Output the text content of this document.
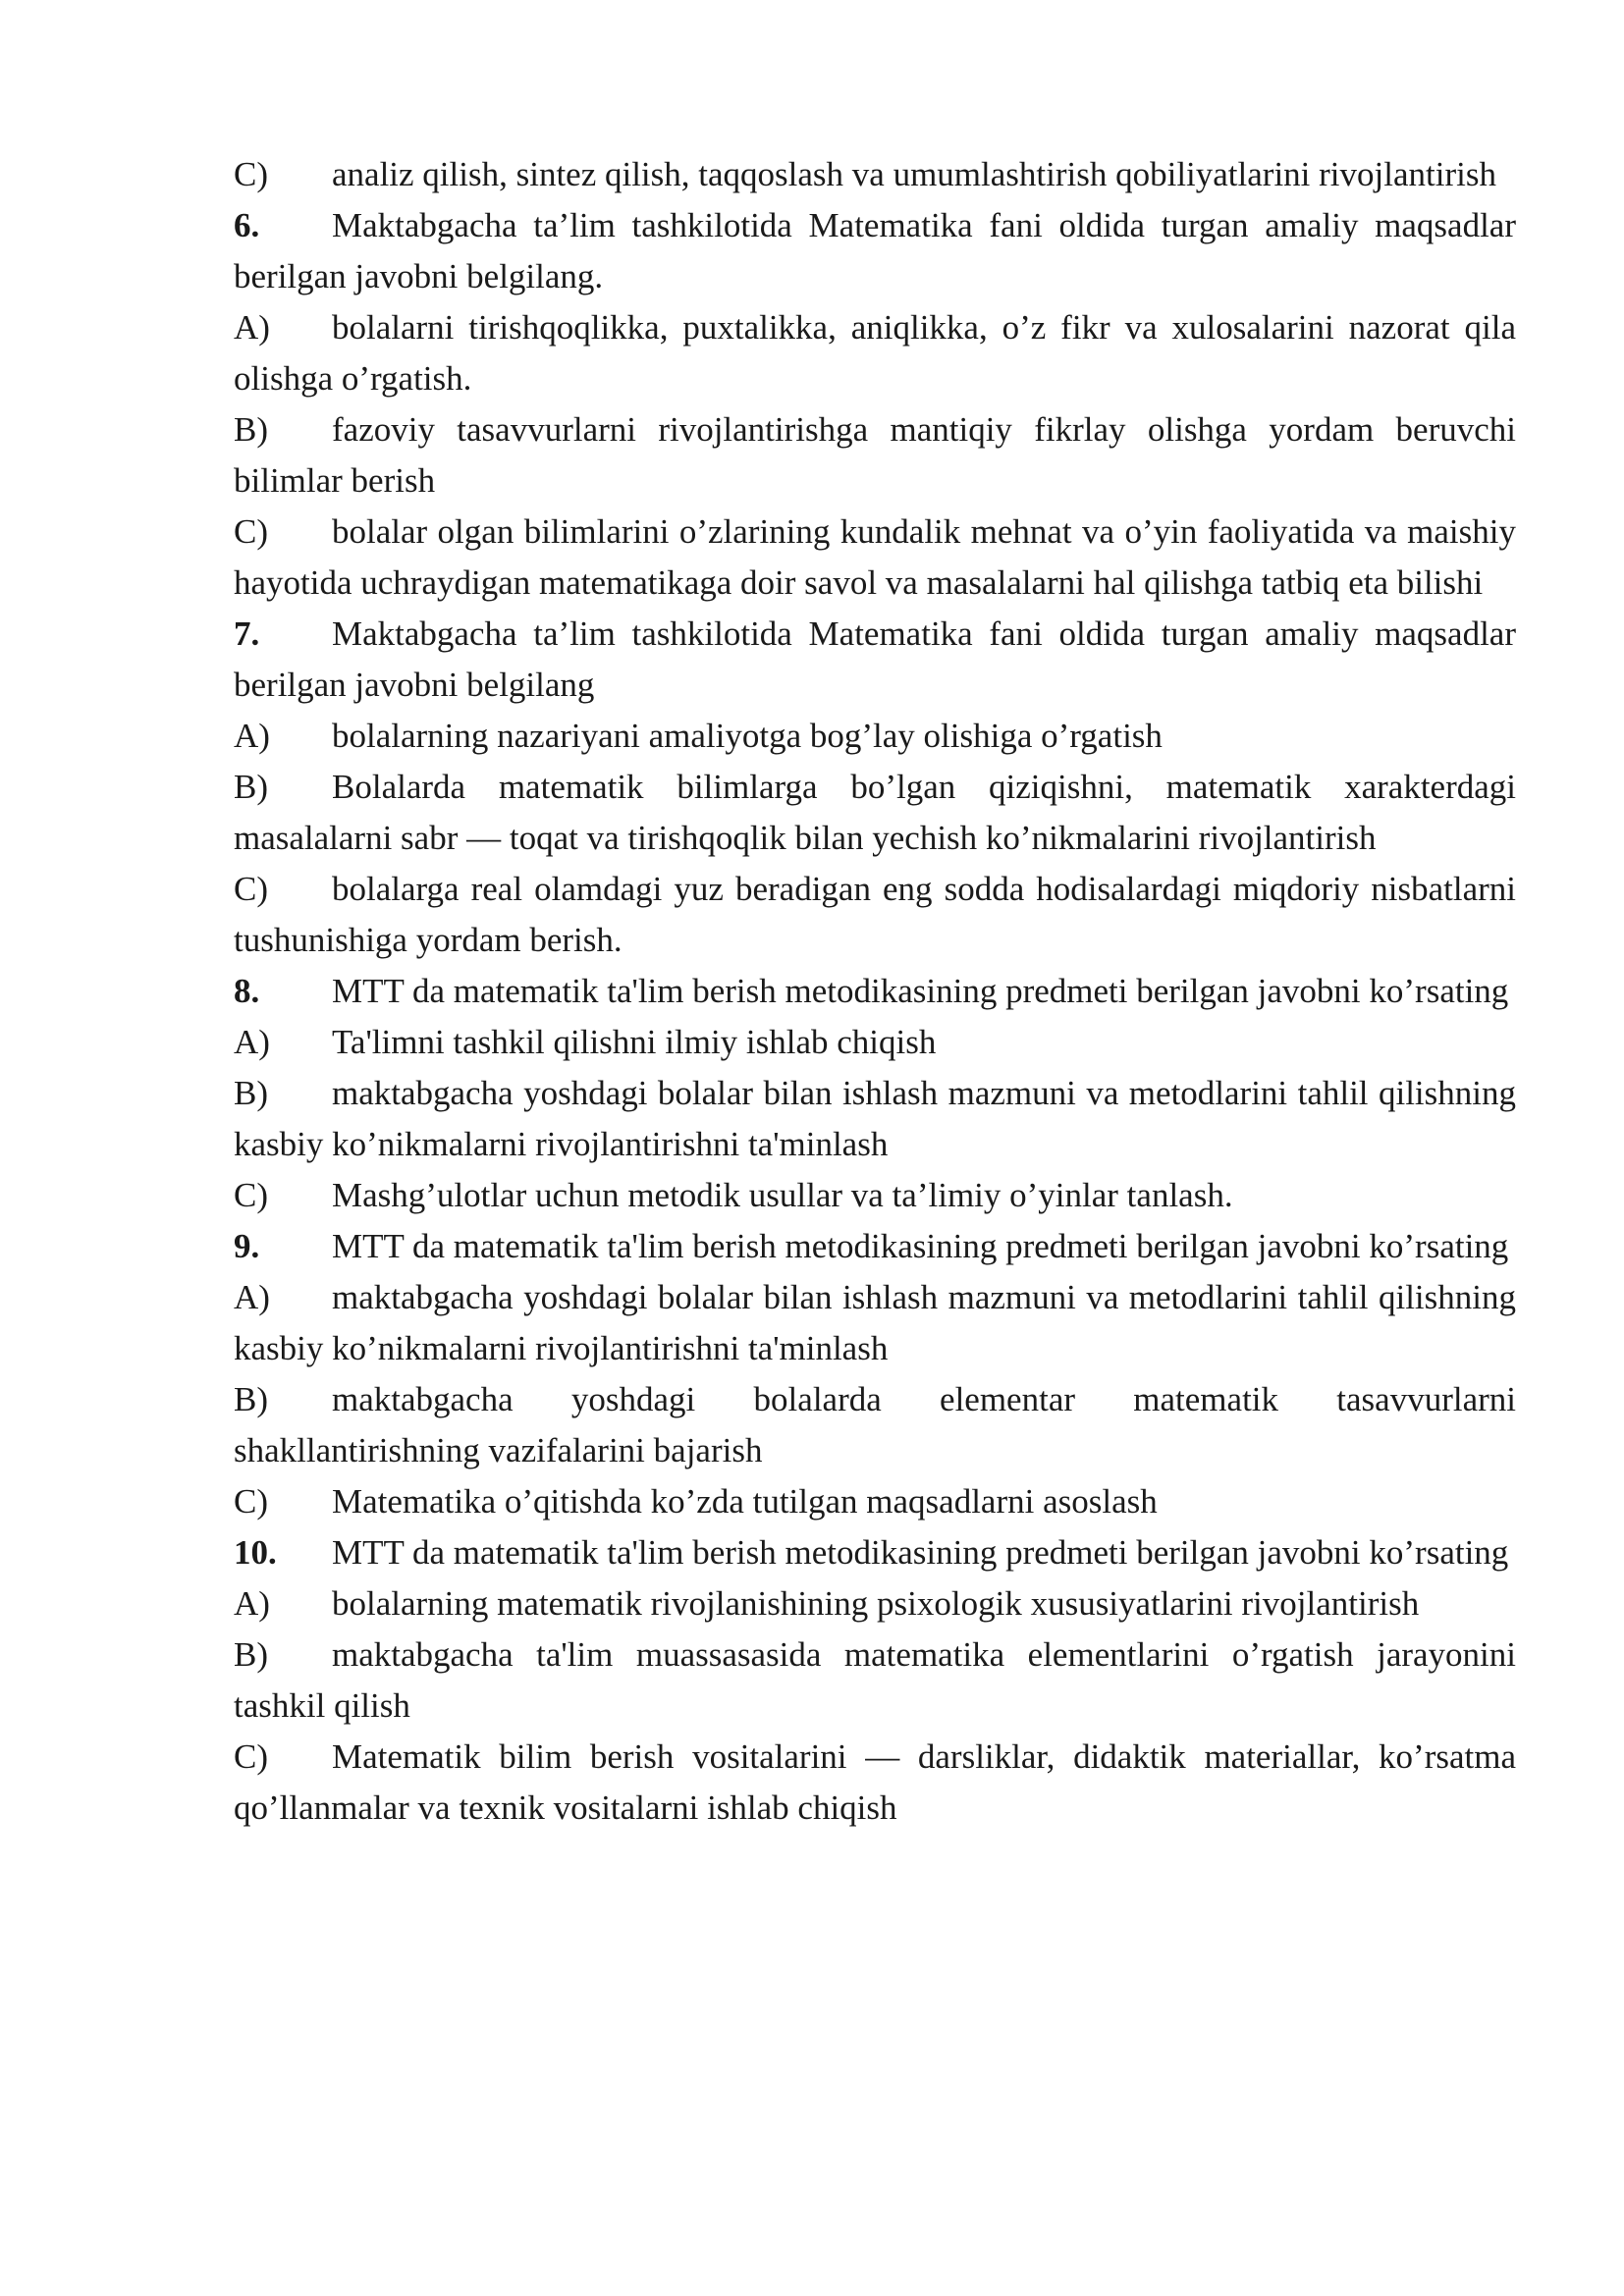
C) analiz qilish, sintez qilish, taqqoslash va umumlashtirish qobiliyatlarini rivojlantirish

6. Maktabgacha ta’lim tashkilotida Matematika fani oldida turgan amaliy maqsadlar berilgan javobni belgilang.

A) bolalarni tirishqoqlikka, puxtalikka, aniqlikka, o’z fikr va xulosalarini nazorat qila olishga o’rgatish.

B) fazoviy tasavvurlarni rivojlantirishga mantiqiy fikrlay olishga yordam beruvchi bilimlar berish

C) bolalar olgan bilimlarini o’zlarining kundalik mehnat va o’yin faoliyatida va maishiy hayotida uchraydigan matematikaga doir savol va masalalarni hal qilishga tatbiq eta bilishi

7. Maktabgacha ta’lim tashkilotida Matematika fani oldida turgan amaliy maqsadlar berilgan javobni belgilang

A) bolalarning nazariyani amaliyotga bog’lay olishiga o’rgatish

B) Bolalarda matematik bilimlarga bo’lgan qiziqishni, matematik xarakterdagi masalalarni sabr — toqat va tirishqoqlik bilan yechish ko’nikmalarini rivojlantirish

C) bolalarga real olamdagi yuz beradigan eng sodda hodisalardagi miqdoriy nisbatlarni tushunishiga yordam berish.

8. MTT da matematik ta'lim berish metodikasining predmeti berilgan javobni ko’rsating

A) Ta'limni tashkil qilishni ilmiy ishlab chiqish

B) maktabgacha yoshdagi bolalar bilan ishlash mazmuni va metodlarini tahlil qilishning kasbiy ko’nikmalarni rivojlantirishni ta'minlash

C) Mashg’ulotlar uchun metodik usullar va ta’limiy o’yinlar tanlash.

9. MTT da matematik ta'lim berish metodikasining predmeti berilgan javobni ko’rsating

A) maktabgacha yoshdagi bolalar bilan ishlash mazmuni va metodlarini tahlil qilishning kasbiy ko’nikmalarni rivojlantirishni ta'minlash

B) maktabgacha yoshdagi bolalarda elementar matematik tasavvurlarni shakllantirishning vazifalarini bajarish

C) Matematika o’qitishda ko’zda tutilgan maqsadlarni asoslash

10. MTT da matematik ta'lim berish metodikasining predmeti berilgan javobni ko’rsating

A) bolalarning matematik rivojlanishining psixologik xususiyatlarini rivojlantirish

B) maktabgacha ta'lim muassasasida matematika elementlarini o’rgatish jarayonini tashkil qilish

C) Matematik bilim berish vositalarini — darsliklar, didaktik materiallar, ko’rsatma qo’llanmalar va texnik vositalarni ishlab chiqish
